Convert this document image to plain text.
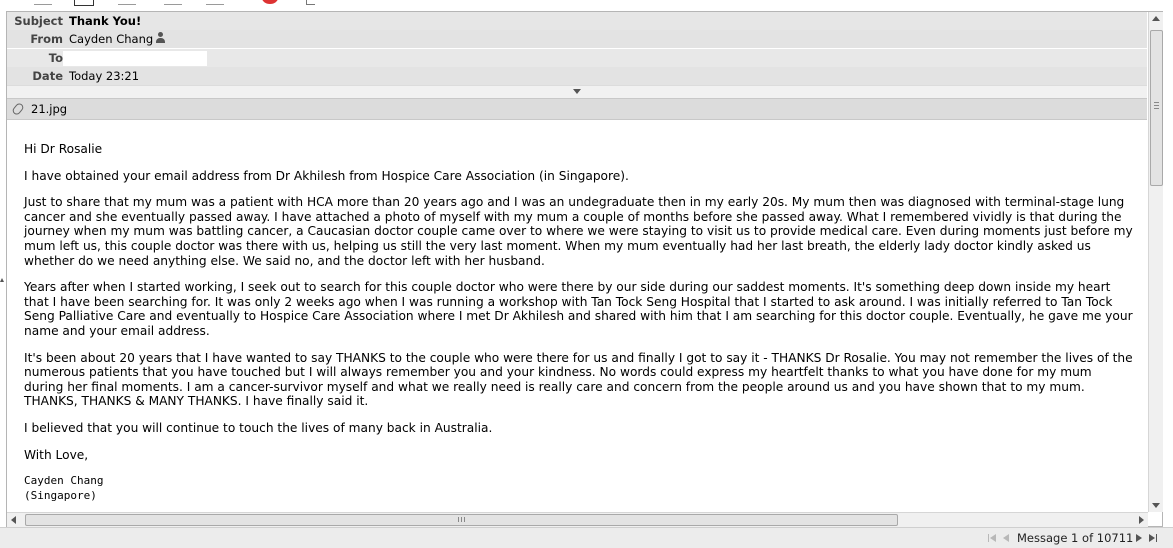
Subject Thank You!
From Cayden Chang
To
Date Today 23:21
21.jpg

Hi Dr Rosalie

I have obtained your email address from Dr Akhilesh from Hospice Care Association (in Singapore).

Just to share that my mum was a patient with HCA more than 20 years ago and I was an undegraduate then in my early 20s. My mum then was diagnosed with terminal-stage lung cancer and she eventually passed away. I have attached a photo of myself with my mum a couple of months before she passed away. What I remembered vividly is that during the journey when my mum was battling cancer, a Caucasian doctor couple came over to where we were staying to visit us to provide medical care. Even during moments just before my mum left us, this couple doctor was there with us, helping us still the very last moment. When my mum eventually had her last breath, the elderly lady doctor kindly asked us whether do we need anything else. We said no, and the doctor left with her husband.

Years after when I started working, I seek out to search for this couple doctor who were there by our side during our saddest moments. It's something deep down inside my heart that I have been searching for. It was only 2 weeks ago when I was running a workshop with Tan Tock Seng Hospital that I started to ask around. I was initially referred to Tan Tock Seng Palliative Care and eventually to Hospice Care Association where I met Dr Akhilesh and shared with him that I am searching for this doctor couple. Eventually, he gave me your name and your email address.

It's been about 20 years that I have wanted to say THANKS to the couple who were there for us and finally I got to say it - THANKS Dr Rosalie. You may not remember the lives of the numerous patients that you have touched but I will always remember you and your kindness. No words could express my heartfelt thanks to what you have done for my mum during her final moments. I am a cancer-survivor myself and what we really need is really care and concern from the people around us and you have shown that to my mum. THANKS, THANKS & MANY THANKS. I have finally said it.

I believed that you will continue to touch the lives of many back in Australia.

With Love,

Cayden Chang
(Singapore)
Message 1 of 10711
